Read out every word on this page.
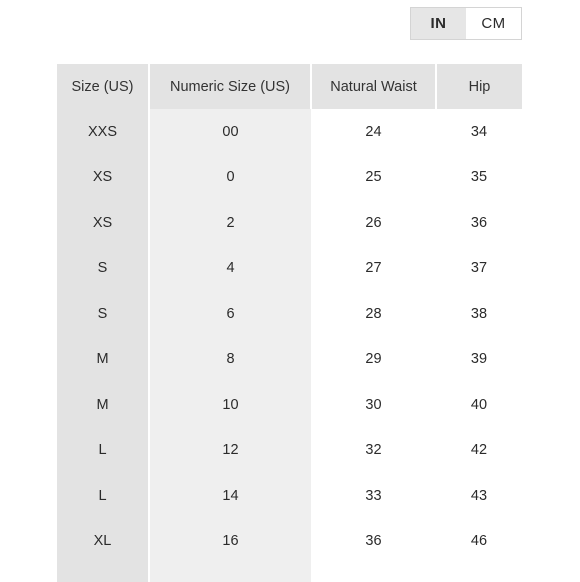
IN	CM
Size (US)	Numeric Size (US)	Natural Waist	Hip
XXS	00	24	34
XS	0	25	35
XS	2	26	36
S	4	27	37
S	6	28	38
M	8	29	39
M	10	30	40
L	12	32	42
L	14	33	43
XL	16	36	46
